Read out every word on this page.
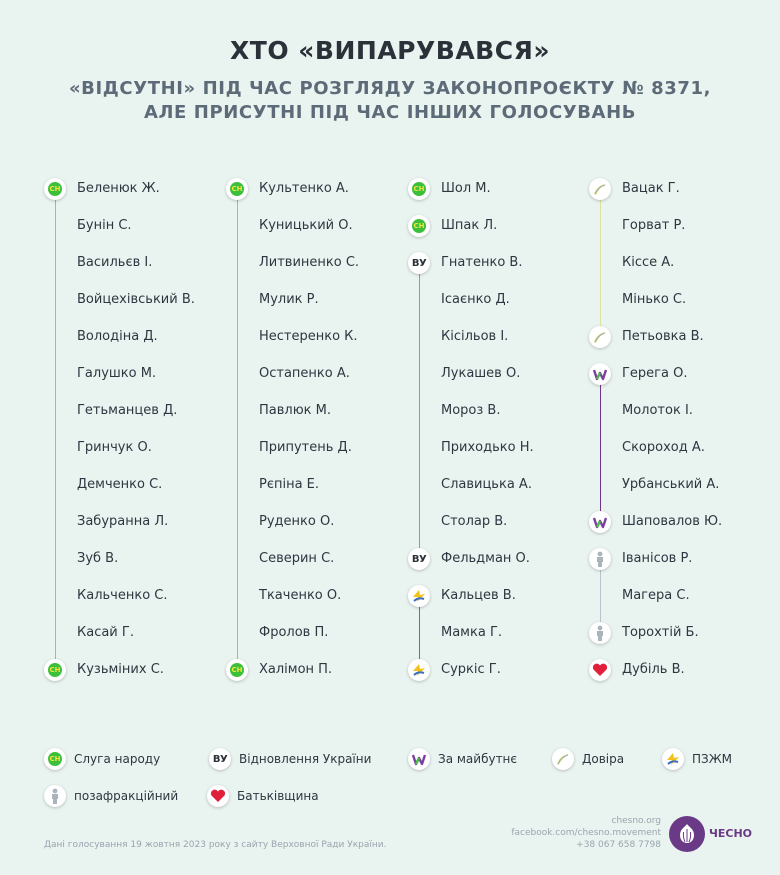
ХТО «ВИПАРУВАВСЯ»
«ВІДСУТНІ» ПІД ЧАС РОЗГЛЯДУ ЗАКОНОПРОЄКТУ № 8371,
АЛЕ ПРИСУТНІ ПІД ЧАС ІНШИХ ГОЛОСУВАНЬ
СН Беленюк Ж.
Бунін С.
Васильєв І.
Войцехівський В.
Володіна Д.
Галушко М.
Гетьманцев Д.
Гринчук О.
Демченко С.
Забуранна Л.
Зуб В.
Кальченко С.
Касай Г.
СН Кузьміних С.
СН Культенко А.
Куницький О.
Литвиненко С.
Мулик Р.
Нестеренко К.
Остапенко А.
Павлюк М.
Припутень Д.
Рєпіна Е.
Руденко О.
Северин С.
Ткаченко О.
Фролов П.
СН Халімон П.
СН Шол М.
СН Шпак Л.
ВУ Гнатенко В.
Ісаєнко Д.
Кісільов І.
Лукашев О.
Мороз В.
Приходько Н.
Славицька А.
Столар В.
ВУ Фельдман О.
Кальцев В.
Мамка Г.
Суркіс Г.
Вацак Г.
Горват Р.
Кіссе А.
Мінько С.
Петьовка В.
Герега О.
Молоток І.
Скороход А.
Урбанський А.
Шаповалов Ю.
Іванісов Р.
Магера С.
Торохтій Б.
Дубіль В.
СН Слуга народу	ВУ Відновлення України	За майбутнє	Довіра	ПЗЖМ
позафракційний	Батьківщина
Дані голосування 19 жовтня 2023 року з сайту Верховної Ради України.
chesno.org
facebook.com/chesno.movement
+38 067 658 7798
ЧЕСНО
